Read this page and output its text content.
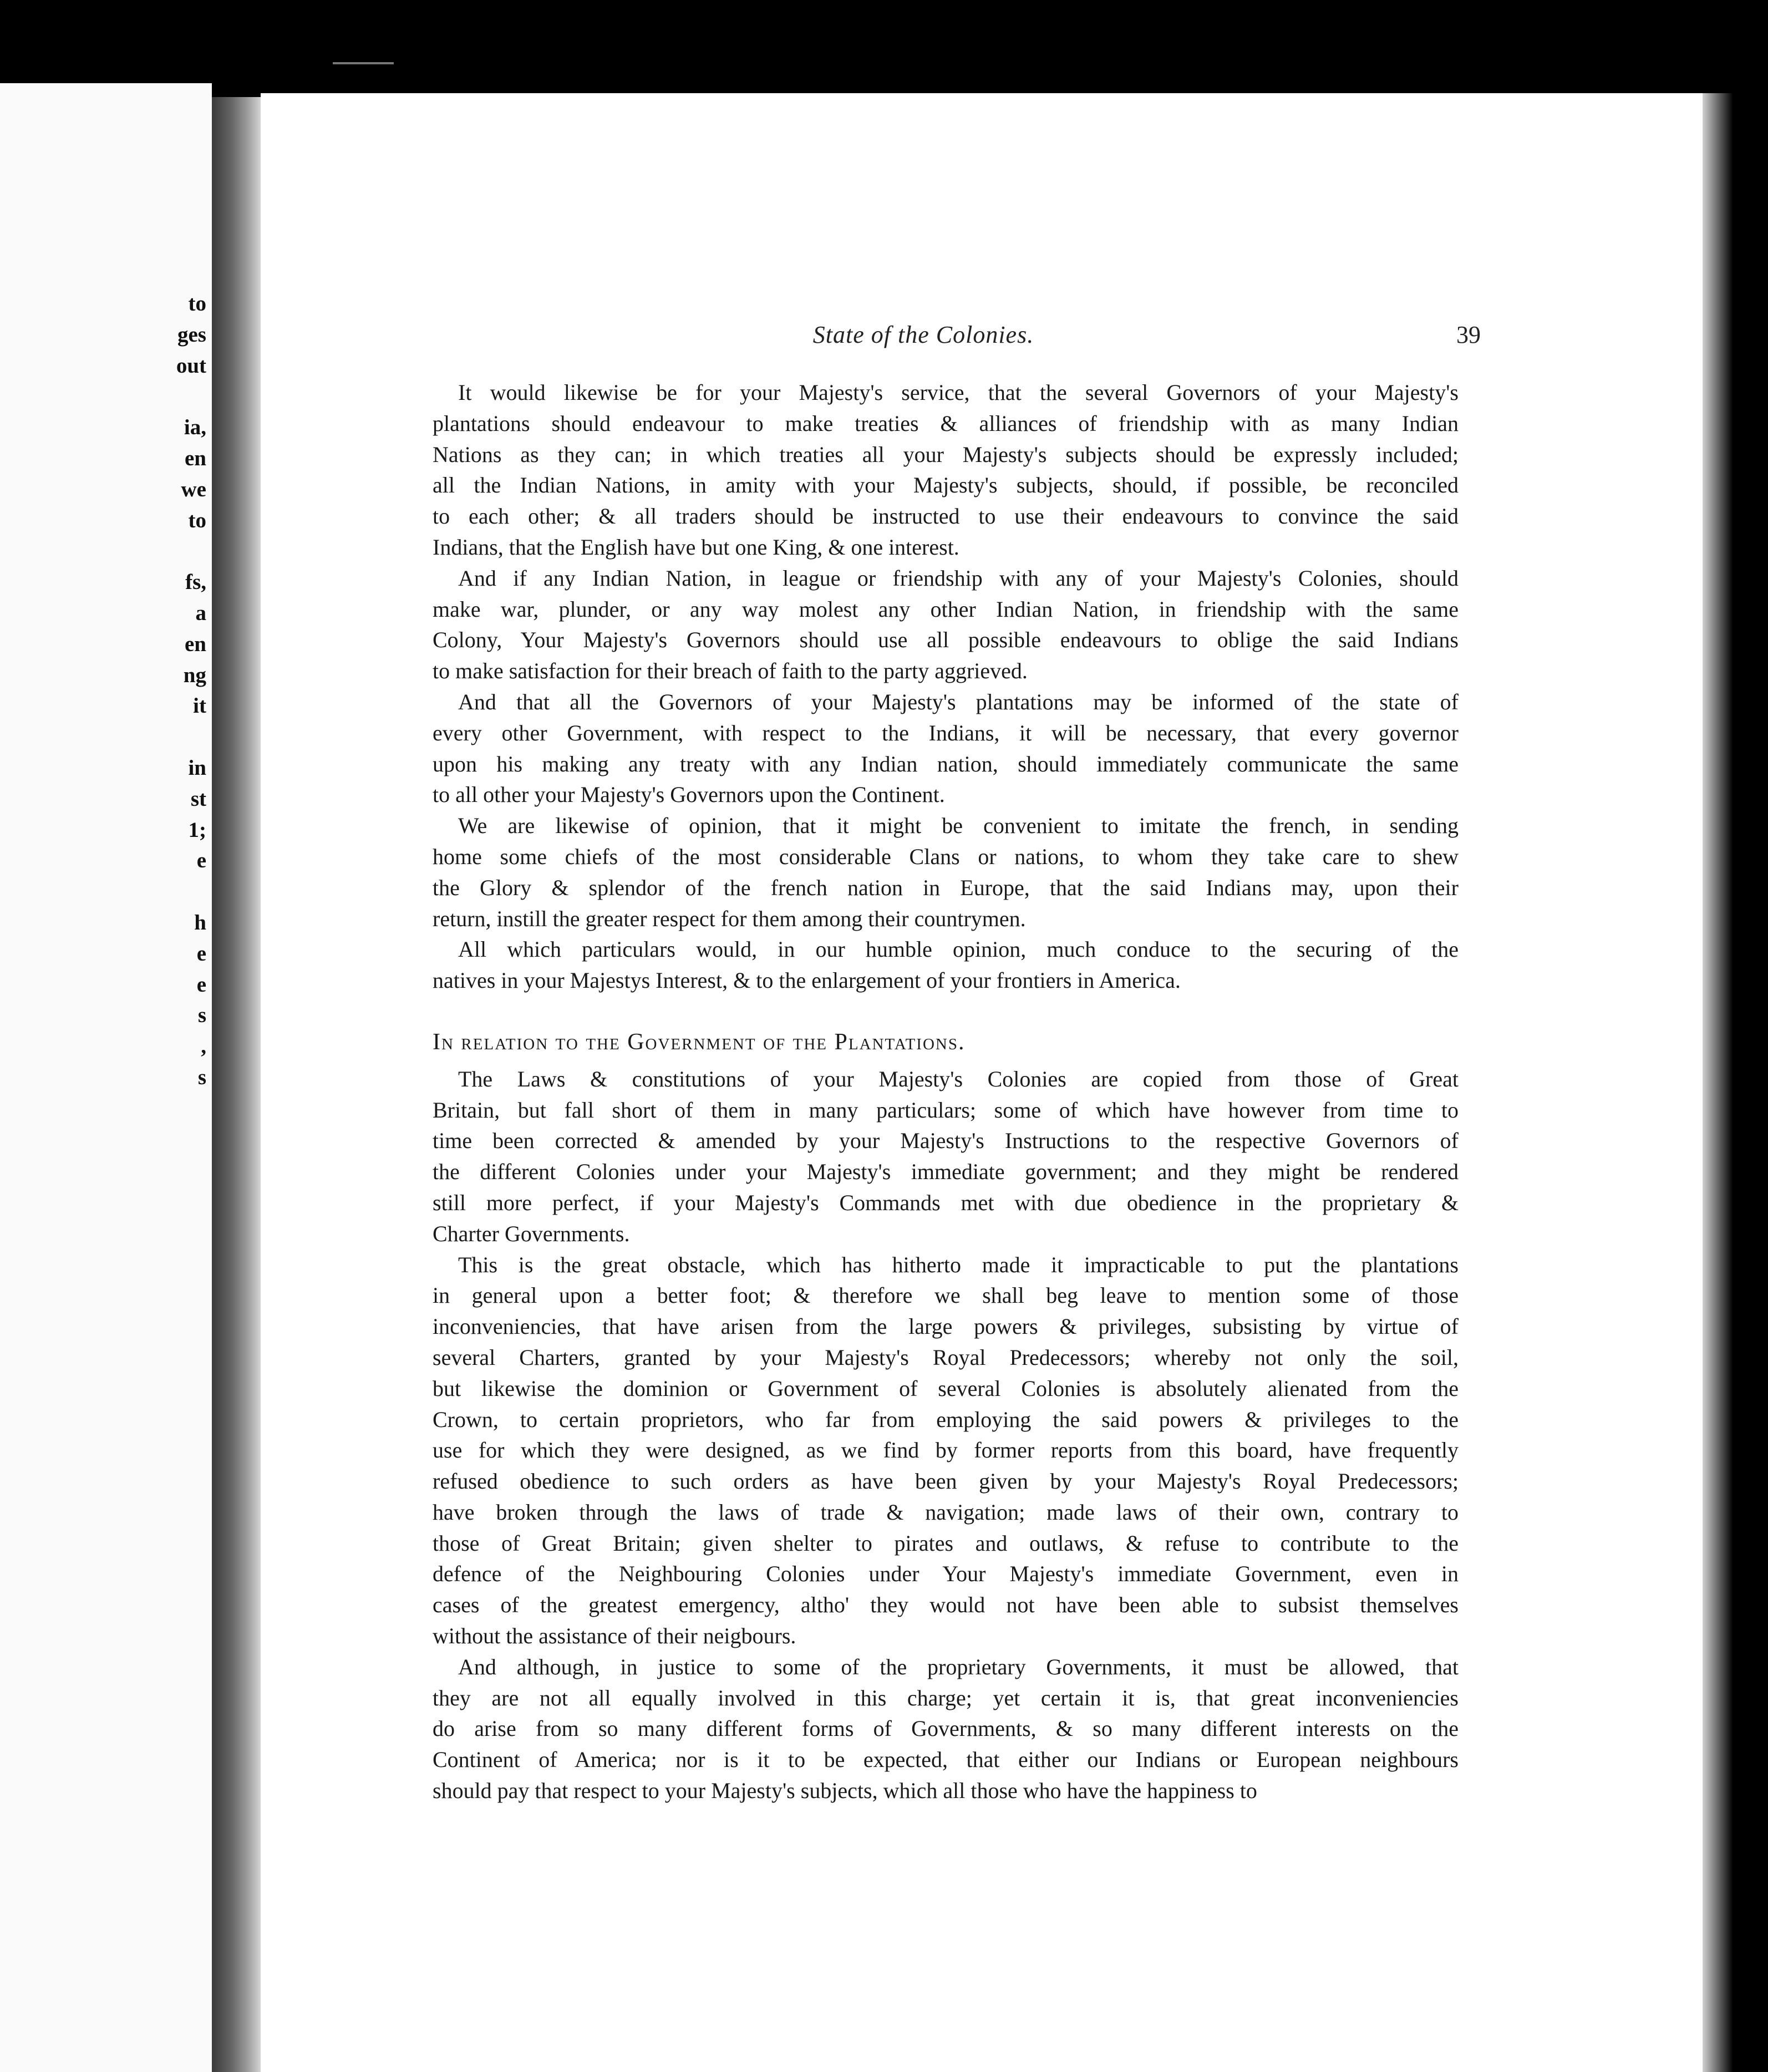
to
ges
out
ia,
en
we
to
fs,
a
en
ng
it
in
st
1;
e
h
e
e
s
,
s
State of the Colonies.	39

It would likewise be for your Majesty's service, that the several Governors of your Majesty's
plantations should endeavour to make treaties & alliances of friendship with as many Indian
Nations as they can; in which treaties all your Majesty's subjects should be expressly included;
all the Indian Nations, in amity with your Majesty's subjects, should, if possible, be reconciled
to each other; & all traders should be instructed to use their endeavours to convince the said
Indians, that the English have but one King, & one interest.

And if any Indian Nation, in league or friendship with any of your Majesty's Colonies, should
make war, plunder, or any way molest any other Indian Nation, in friendship with the same
Colony, Your Majesty's Governors should use all possible endeavours to oblige the said Indians
to make satisfaction for their breach of faith to the party aggrieved.

And that all the Governors of your Majesty's plantations may be informed of the state of
every other Government, with respect to the Indians, it will be necessary, that every governor
upon his making any treaty with any Indian nation, should immediately communicate the same
to all other your Majesty's Governors upon the Continent.

We are likewise of opinion, that it might be convenient to imitate the french, in sending
home some chiefs of the most considerable Clans or nations, to whom they take care to shew
the Glory & splendor of the french nation in Europe, that the said Indians may, upon their
return, instill the greater respect for them among their countrymen.

All which particulars would, in our humble opinion, much conduce to the securing of the
natives in your Majestys Interest, & to the enlargement of your frontiers in America.

In relation to the Government of the Plantations.

The Laws & constitutions of your Majesty's Colonies are copied from those of Great
Britain, but fall short of them in many particulars; some of which have however from time to
time been corrected & amended by your Majesty's Instructions to the respective Governors of
the different Colonies under your Majesty's immediate government; and they might be rendered
still more perfect, if your Majesty's Commands met with due obedience in the proprietary &
Charter Governments.

This is the great obstacle, which has hitherto made it impracticable to put the plantations
in general upon a better foot; & therefore we shall beg leave to mention some of those
inconveniencies, that have arisen from the large powers & privileges, subsisting by virtue of
several Charters, granted by your Majesty's Royal Predecessors; whereby not only the soil,
but likewise the dominion or Government of several Colonies is absolutely alienated from the
Crown, to certain proprietors, who far from employing the said powers & privileges to the
use for which they were designed, as we find by former reports from this board, have frequently
refused obedience to such orders as have been given by your Majesty's Royal Predecessors;
have broken through the laws of trade & navigation; made laws of their own, contrary to
those of Great Britain; given shelter to pirates and outlaws, & refuse to contribute to the
defence of the Neighbouring Colonies under Your Majesty's immediate Government, even in
cases of the greatest emergency, altho' they would not have been able to subsist themselves
without the assistance of their neigbours.

And although, in justice to some of the proprietary Governments, it must be allowed, that
they are not all equally involved in this charge; yet certain it is, that great inconveniencies
do arise from so many different forms of Governments, & so many different interests on the
Continent of America; nor is it to be expected, that either our Indians or European neighbours
should pay that respect to your Majesty's subjects, which all those who have the happiness to
